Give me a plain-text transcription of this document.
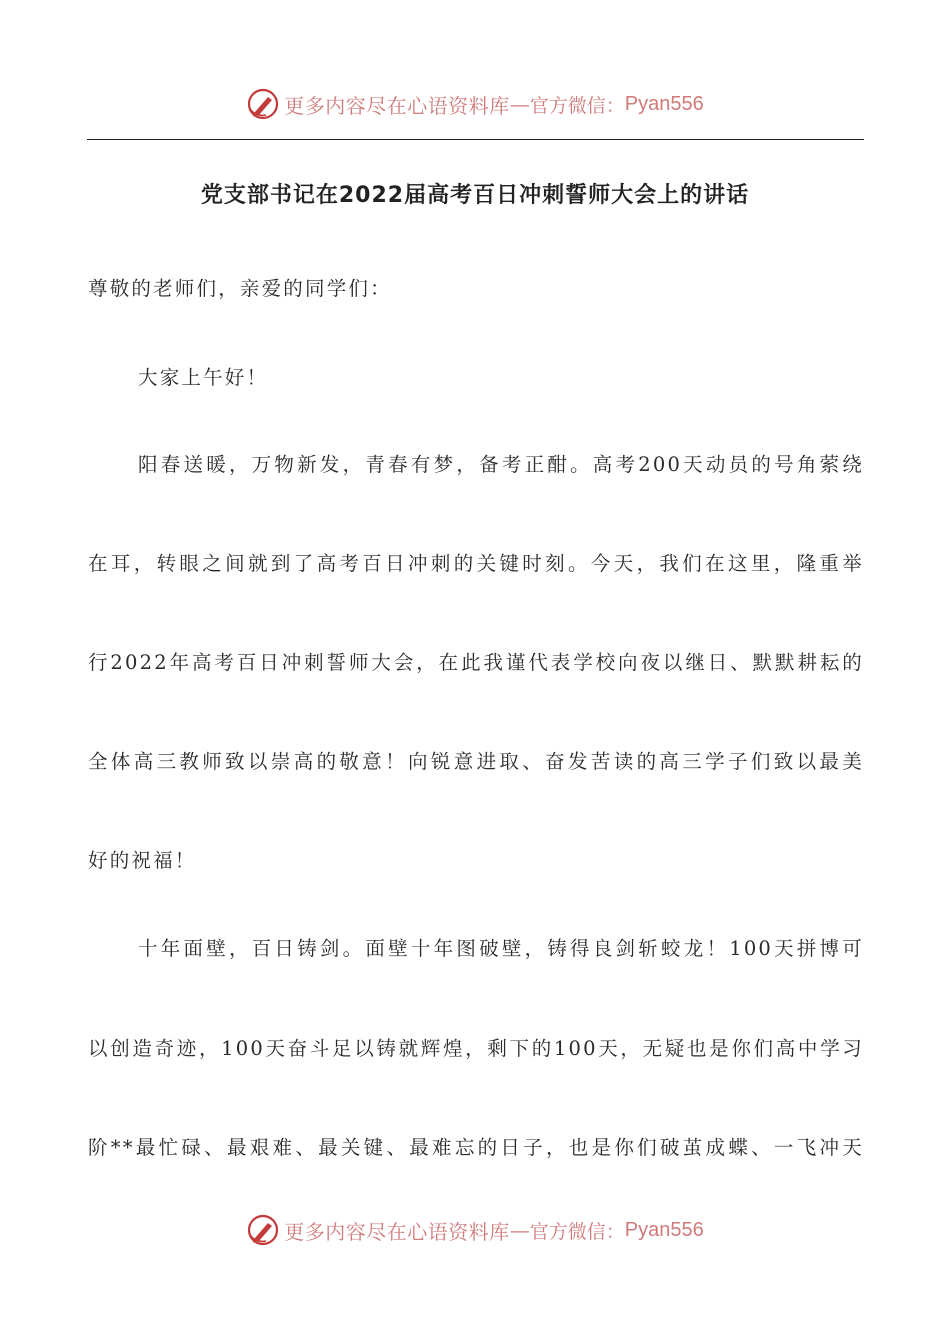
更多内容尽在心语资料库 — 官方微信： Pyan556
党支部书记在2022届高考百日冲刺誓师大会上的讲话
尊敬的老师们，亲爱的同学们：
大家上午好！
阳春送暖，万物新发，青春有梦，备考正酣。高考200天动员的号角萦绕
在耳，转眼之间就到了高考百日冲刺的关键时刻。今天，我们在这里，隆重举
行2022年高考百日冲刺誓师大会，在此我谨代表学校向夜以继日、默默耕耘的
全体高三教师致以崇高的敬意！向锐意进取、奋发苦读的高三学子们致以最美
好的祝福！
十年面壁，百日铸剑。面壁十年图破壁，铸得良剑斩蛟龙！100天拼博可
以创造奇迹，100天奋斗足以铸就辉煌，剩下的100天，无疑也是你们高中学习
阶**最忙碌、最艰难、最关键、最难忘的日子，也是你们破茧成蝶、一飞冲天
更多内容尽在心语资料库 — 官方微信： Pyan556
